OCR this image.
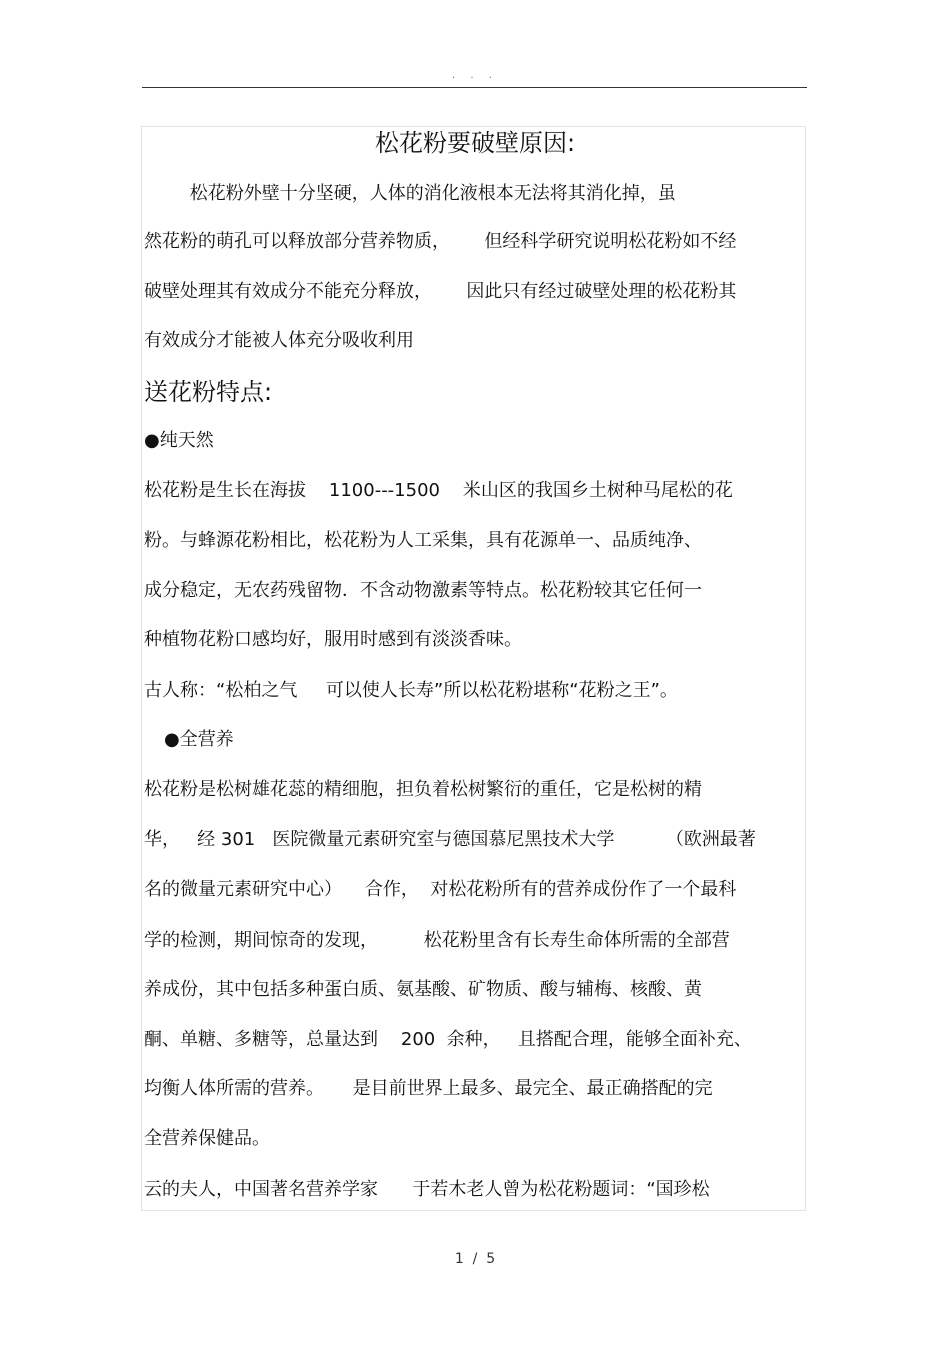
. . .
松花粉要破壁原因:
松花粉外壁十分坚硬，人体的消化液根本无法将其消化掉，虽
然花粉的萌孔可以释放部分营养物质，      但经科学研究说明松花粉如不经
破壁处理其有效成分不能充分释放，      因此只有经过破壁处理的松花粉其
有效成分才能被人体充分吸收利用
送花粉特点:
●纯天然
松花粉是生长在海拔    1100---1500    米山区的我国乡土树种马尾松的花
粉。与蜂源花粉相比，松花粉为人工采集，具有花源单一、品质纯净、
成分稳定，无农药残留物．不含动物激素等特点。松花粉较其它任何一
种植物花粉口感均好，服用时感到有淡淡香味。
古人称：“松柏之气     可以使人长寿”所以松花粉堪称“花粉之王”。
●全营养
松花粉是松树雄花蕊的精细胞，担负着松树繁衍的重任，它是松树的精
华，   经 301   医院微量元素研究室与德国慕尼黑技术大学         （欧洲最著
名的微量元素研究中心）    合作，  对松花粉所有的营养成份作了一个最科
学的检测，期间惊奇的发现，        松花粉里含有长寿生命体所需的全部营
养成份，其中包括多种蛋白质、氨基酸、矿物质、酸与辅梅、核酸、黄
酮、单糖、多糖等，总量达到    200  余种，   且搭配合理，能够全面补充、
均衡人体所需的营养。     是目前世界上最多、最完全、最正确搭配的完
全营养保健品。
云的夫人，中国著名营养学家      于若木老人曾为松花粉题词：“国珍松
1  /  5
